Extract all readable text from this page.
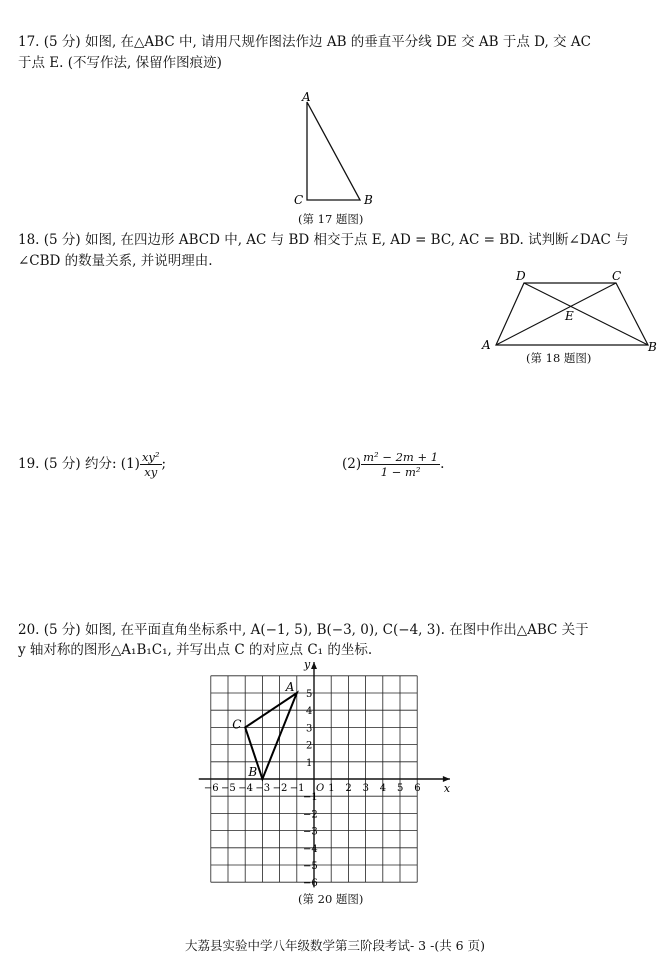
17. (5 分) 如图, 在△ABC 中, 请用尺规作图法作边 AB 的垂直平分线 DE 交 AB 于点 D, 交 AC
于点 E. (不写作法, 保留作图痕迹)
A
C	B
(第 17 题图)
18. (5 分) 如图, 在四边形 ABCD 中, AC 与 BD 相交于点 E, AD = BC, AC = BD. 试判断∠DAC 与
∠CBD 的数量关系, 并说明理由.
D	C
E
A	B
(第 18 题图)
19. (5 分) 约分: $(1) \frac{\text{xy²}}{xy}$ ;	$(2) \frac{\text{m² − 2m + 1}}{\text{1 − m²}}$ .
20. (5 分) 如图, 在平面直角坐标系中, A(−1, 5), B(−3, 0), C(−4, 3). 在图中作出△ABC 关于
y 轴对称的图形△A₁B₁C₁, 并写出点 C 的对应点 C₁ 的坐标.
−6 −5 −4 −3 −2 −1 1 2 3 4 5 6
5
4
3
2
1
−1
−2
−3
−4
−5
−6
O	x
y
A
B
C
(第 20 题图)
大荔县实验中学八年级数学第三阶段考试- 3 -(共 6 页)
